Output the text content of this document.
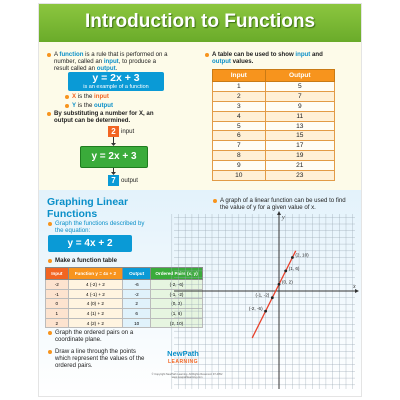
Introduction to Functions
A function is a rule that is performed on a number, called an input, to produce a result called an output.
y = 2x + 3
is an example of a function
X is the input
Y is the output
By substituting a number for X, an output can be determined.
2 input
y = 2x + 3
7 output
A table can be used to show input and output values.
Input	Output
1	5
2	7
3	9
4	11
5	13
6	15
7	17
8	19
9	21
10	23
Graphing Linear
Functions
Graph the functions described by the equation:
y = 4x + 2
Make a function table
Input	Function y = 4x + 2	Output	Ordered Pairs (x, y)
-2	4 (-2) + 2	-6	(-2, -6)
-1	4 (-1) + 2	-2	(-1, -2)
0	4 (0) + 2	2	(0, 2)
1	4 (1) + 2	6	(1, 6)
2	4 (2) + 2	10	(2, 10)
Graph the ordered pairs on a coordinate plane.
Draw a line through the points which represent the values of the ordered pairs.
A graph of a linear function can be used to find the value of y for a given value of x.
x
y
(2, 10)
(1, 6)
(0, 2)
(-1, -2)
(-2, -6)
NewPath
LEARNING
© Copyright NewPath Learning. All Rights Reserved. 97-4052 www.newpathlearning.com
